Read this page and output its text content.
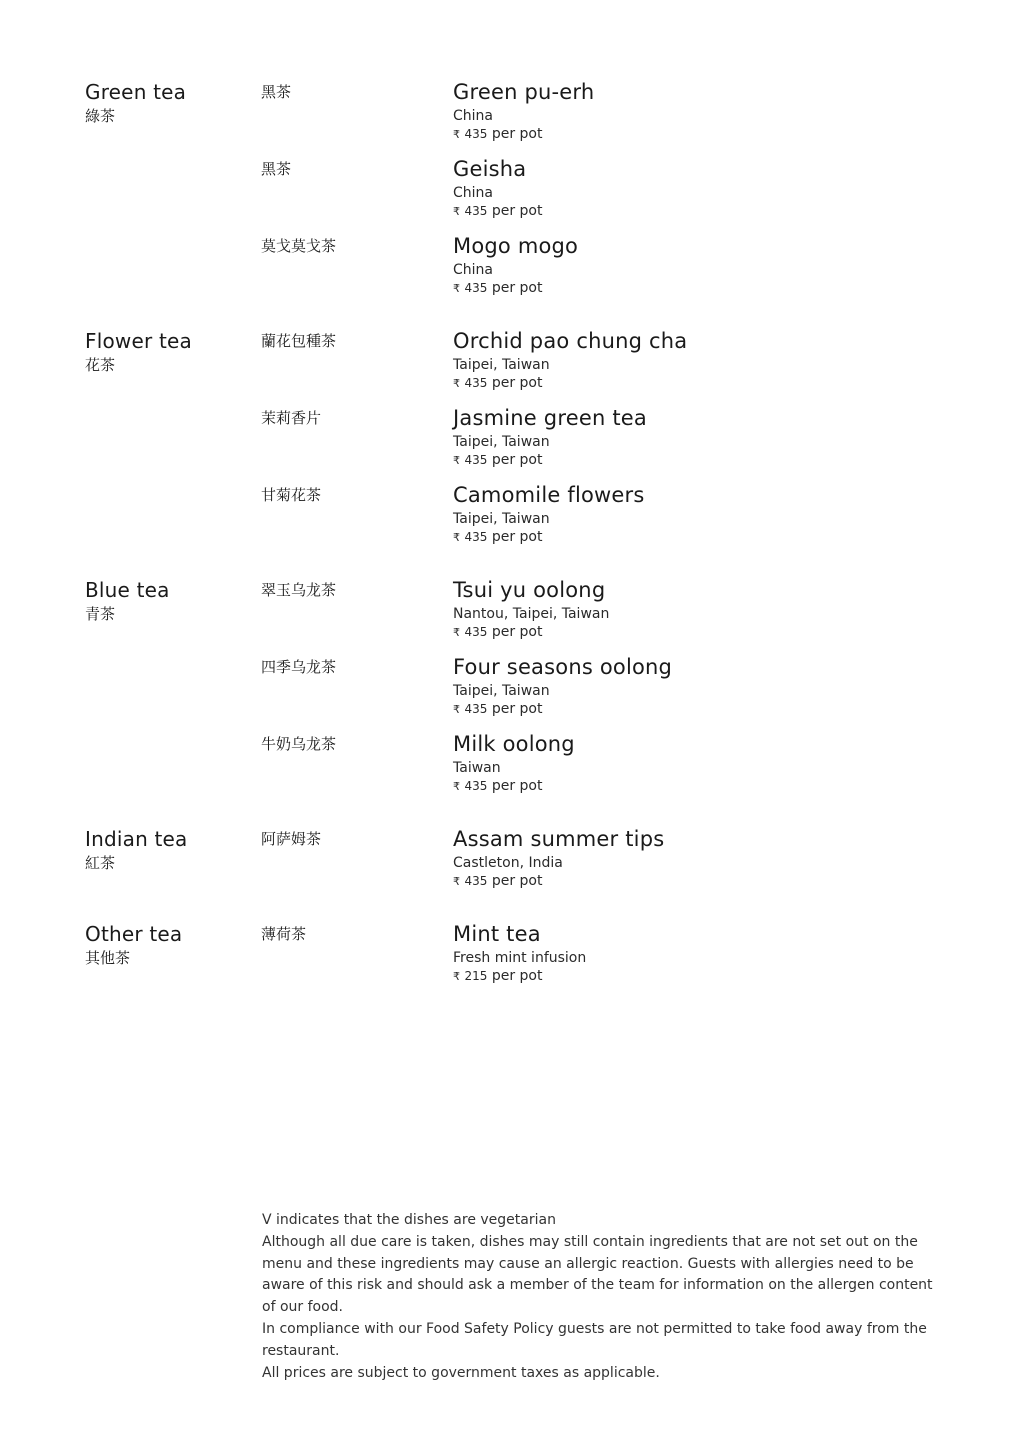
Green tea
綠茶
黑茶	Green pu-erh
China
₹ 435 per pot
黑茶	Geisha
China
₹ 435 per pot
莫戈莫戈茶	Mogo mogo
China
₹ 435 per pot
Flower tea
花茶
蘭花包種茶	Orchid pao chung cha
Taipei, Taiwan
₹ 435 per pot
茉莉香片	Jasmine green tea
Taipei, Taiwan
₹ 435 per pot
甘菊花茶	Camomile flowers
Taipei, Taiwan
₹ 435 per pot
Blue tea
青茶
翠玉乌龙茶	Tsui yu oolong
Nantou, Taipei, Taiwan
₹ 435 per pot
四季乌龙茶	Four seasons oolong
Taipei, Taiwan
₹ 435 per pot
牛奶乌龙茶	Milk oolong
Taiwan
₹ 435 per pot
Indian tea
紅茶
阿萨姆茶	Assam summer tips
Castleton, India
₹ 435 per pot
Other tea
其他茶
薄荷茶	Mint tea
Fresh mint infusion
₹ 215 per pot

V indicates that the dishes are vegetarian

Although all due care is taken, dishes may still contain ingredients that are not set out on the menu and these ingredients may cause an allergic reaction. Guests with allergies need to be aware of this risk and should ask a member of the team for information on the allergen content of our food.

In compliance with our Food Safety Policy guests are not permitted to take food away from the restaurant.

All prices are subject to government taxes as applicable.
